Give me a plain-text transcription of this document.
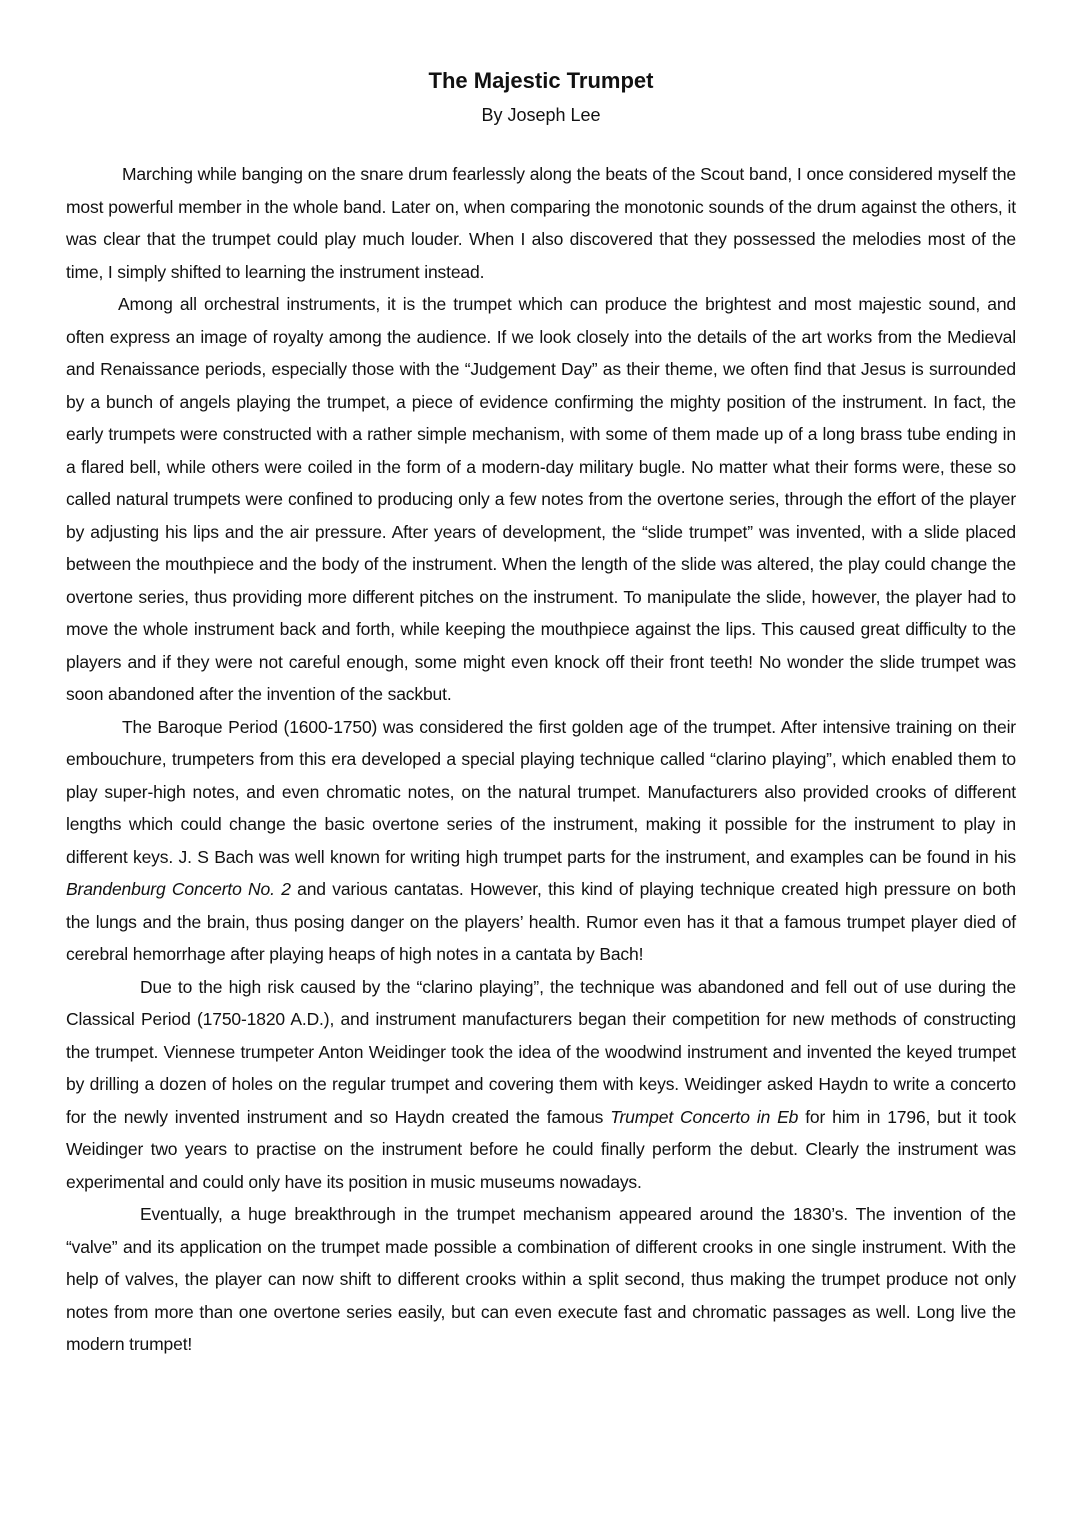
The Majestic Trumpet
By Joseph Lee

Marching while banging on the snare drum fearlessly along the beats of the Scout band, I once considered myself the most powerful member in the whole band. Later on, when comparing the monotonic sounds of the drum against the others, it was clear that the trumpet could play much louder. When I also discovered that they possessed the melodies most of the time, I simply shifted to learning the instrument instead.

Among all orchestral instruments, it is the trumpet which can produce the brightest and most majestic sound, and often express an image of royalty among the audience. If we look closely into the details of the art works from the Medieval and Renaissance periods, especially those with the “Judgement Day” as their theme, we often find that Jesus is surrounded by a bunch of angels playing the trumpet, a piece of evidence confirming the mighty position of the instrument. In fact, the early trumpets were constructed with a rather simple mechanism, with some of them made up of a long brass tube ending in a flared bell, while others were coiled in the form of a modern-day military bugle. No matter what their forms were, these so called natural trumpets were confined to producing only a few notes from the overtone series, through the effort of the player by adjusting his lips and the air pressure. After years of development, the “slide trumpet” was invented, with a slide placed between the mouthpiece and the body of the instrument. When the length of the slide was altered, the play could change the overtone series, thus providing more different pitches on the instrument. To manipulate the slide, however, the player had to move the whole instrument back and forth, while keeping the mouthpiece against the lips. This caused great difficulty to the players and if they were not careful enough, some might even knock off their front teeth! No wonder the slide trumpet was soon abandoned after the invention of the sackbut.

The Baroque Period (1600-1750) was considered the first golden age of the trumpet. After intensive training on their embouchure, trumpeters from this era developed a special playing technique called “clarino playing”, which enabled them to play super-high notes, and even chromatic notes, on the natural trumpet. Manufacturers also provided crooks of different lengths which could change the basic overtone series of the instrument, making it possible for the instrument to play in different keys. J. S Bach was well known for writing high trumpet parts for the instrument, and examples can be found in his Brandenburg Concerto No. 2 and various cantatas. However, this kind of playing technique created high pressure on both the lungs and the brain, thus posing danger on the players’ health. Rumor even has it that a famous trumpet player died of cerebral hemorrhage after playing heaps of high notes in a cantata by Bach!

Due to the high risk caused by the “clarino playing”, the technique was abandoned and fell out of use during the Classical Period (1750-1820 A.D.), and instrument manufacturers began their competition for new methods of constructing the trumpet. Viennese trumpeter Anton Weidinger took the idea of the woodwind instrument and invented the keyed trumpet by drilling a dozen of holes on the regular trumpet and covering them with keys. Weidinger asked Haydn to write a concerto for the newly invented instrument and so Haydn created the famous Trumpet Concerto in Eb for him in 1796, but it took Weidinger two years to practise on the instrument before he could finally perform the debut. Clearly the instrument was experimental and could only have its position in music museums nowadays.

Eventually, a huge breakthrough in the trumpet mechanism appeared around the 1830’s. The invention of the “valve” and its application on the trumpet made possible a combination of different crooks in one single instrument. With the help of valves, the player can now shift to different crooks within a split second, thus making the trumpet produce not only notes from more than one overtone series easily, but can even execute fast and chromatic passages as well. Long live the modern trumpet!
